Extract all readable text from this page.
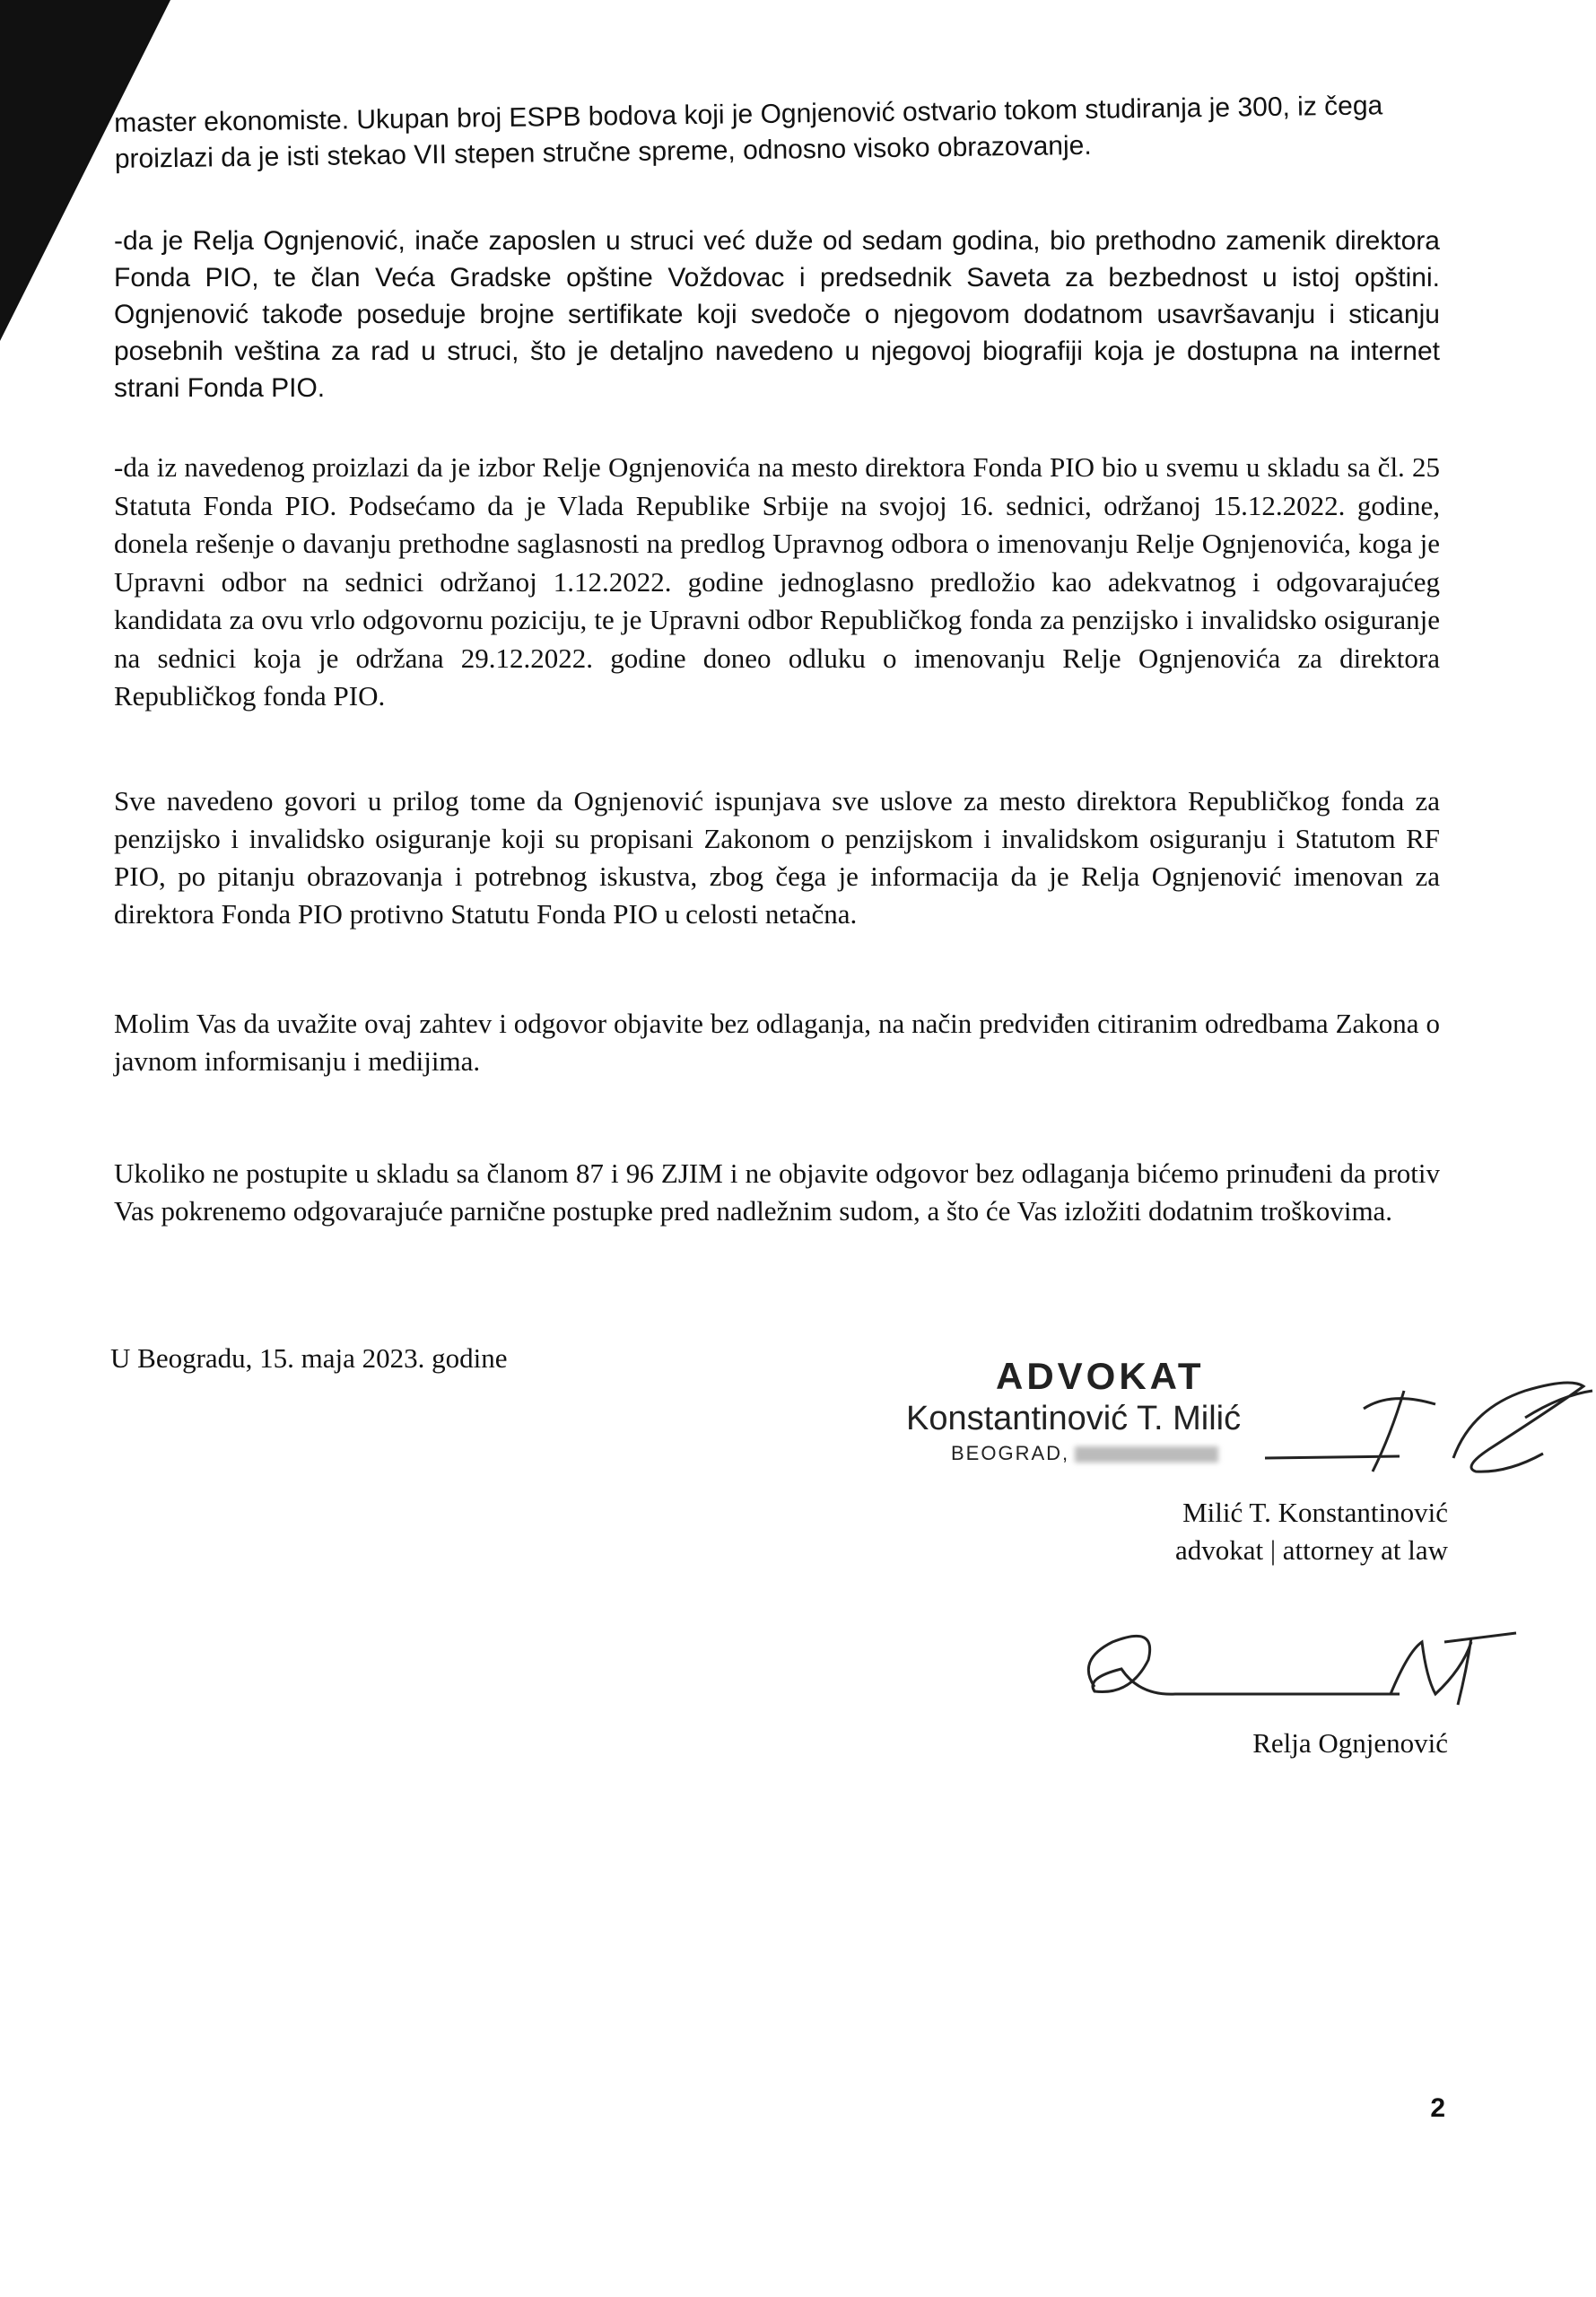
master ekonomiste. Ukupan broj ESPB bodova koji je Ognjenović ostvario tokom studiranja je 300, iz čega proizlazi da je isti stekao VII stepen stručne spreme, odnosno visoko obrazovanje.

-da je Relja Ognjenović, inače zaposlen u struci već duže od sedam godina, bio prethodno zamenik direktora Fonda PIO, te član Veća Gradske opštine Voždovac i predsednik Saveta za bezbednost u istoj opštini. Ognjenović takođe poseduje brojne sertifikate koji svedoče o njegovom dodatnom usavršavanju i sticanju posebnih veština za rad u struci, što je detaljno navedeno u njegovoj biografiji koja je dostupna na internet strani Fonda PIO.

-da iz navedenog proizlazi da je izbor Relje Ognjenovića na mesto direktora Fonda PIO bio u svemu u skladu sa čl. 25 Statuta Fonda PIO. Podsećamo da je Vlada Republike Srbije na svojoj 16. sednici, održanoj 15.12.2022. godine, donela rešenje o davanju prethodne saglasnosti na predlog Upravnog odbora o imenovanju Relje Ognjenovića, koga je Upravni odbor na sednici održanoj 1.12.2022. godine jednoglasno predložio kao adekvatnog i odgovarajućeg kandidata za ovu vrlo odgovornu poziciju, te je Upravni odbor Republičkog fonda za penzijsko i invalidsko osiguranje na sednici koja je održana 29.12.2022. godine doneo odluku o imenovanju Relje Ognjenovića za direktora Republičkog fonda PIO.

Sve navedeno govori u prilog tome da Ognjenović ispunjava sve uslove za mesto direktora Republičkog fonda za penzijsko i invalidsko osiguranje koji su propisani Zakonom o penzijskom i invalidskom osiguranju i Statutom RF PIO, po pitanju obrazovanja i potrebnog iskustva, zbog čega je informacija da je Relja Ognjenović imenovan za direktora Fonda PIO protivno Statutu Fonda PIO u celosti netačna.

Molim Vas da uvažite ovaj zahtev i odgovor objavite bez odlaganja, na način predviđen citiranim odredbama Zakona o javnom informisanju i medijima.

Ukoliko ne postupite u skladu sa članom 87 i 96 ZJIM i ne objavite odgovor bez odlaganja bićemo prinuđeni da protiv Vas pokrenemo odgovarajuće parnične postupke pred nadležnim sudom, a što će Vas izložiti dodatnim troškovima.

U Beogradu, 15. maja 2023. godine	ADVOKAT
Konstantinović T. Milić
BEOGRAD,

Milić T. Konstantinović
advokat | attorney at law

Relja Ognjenović

2
